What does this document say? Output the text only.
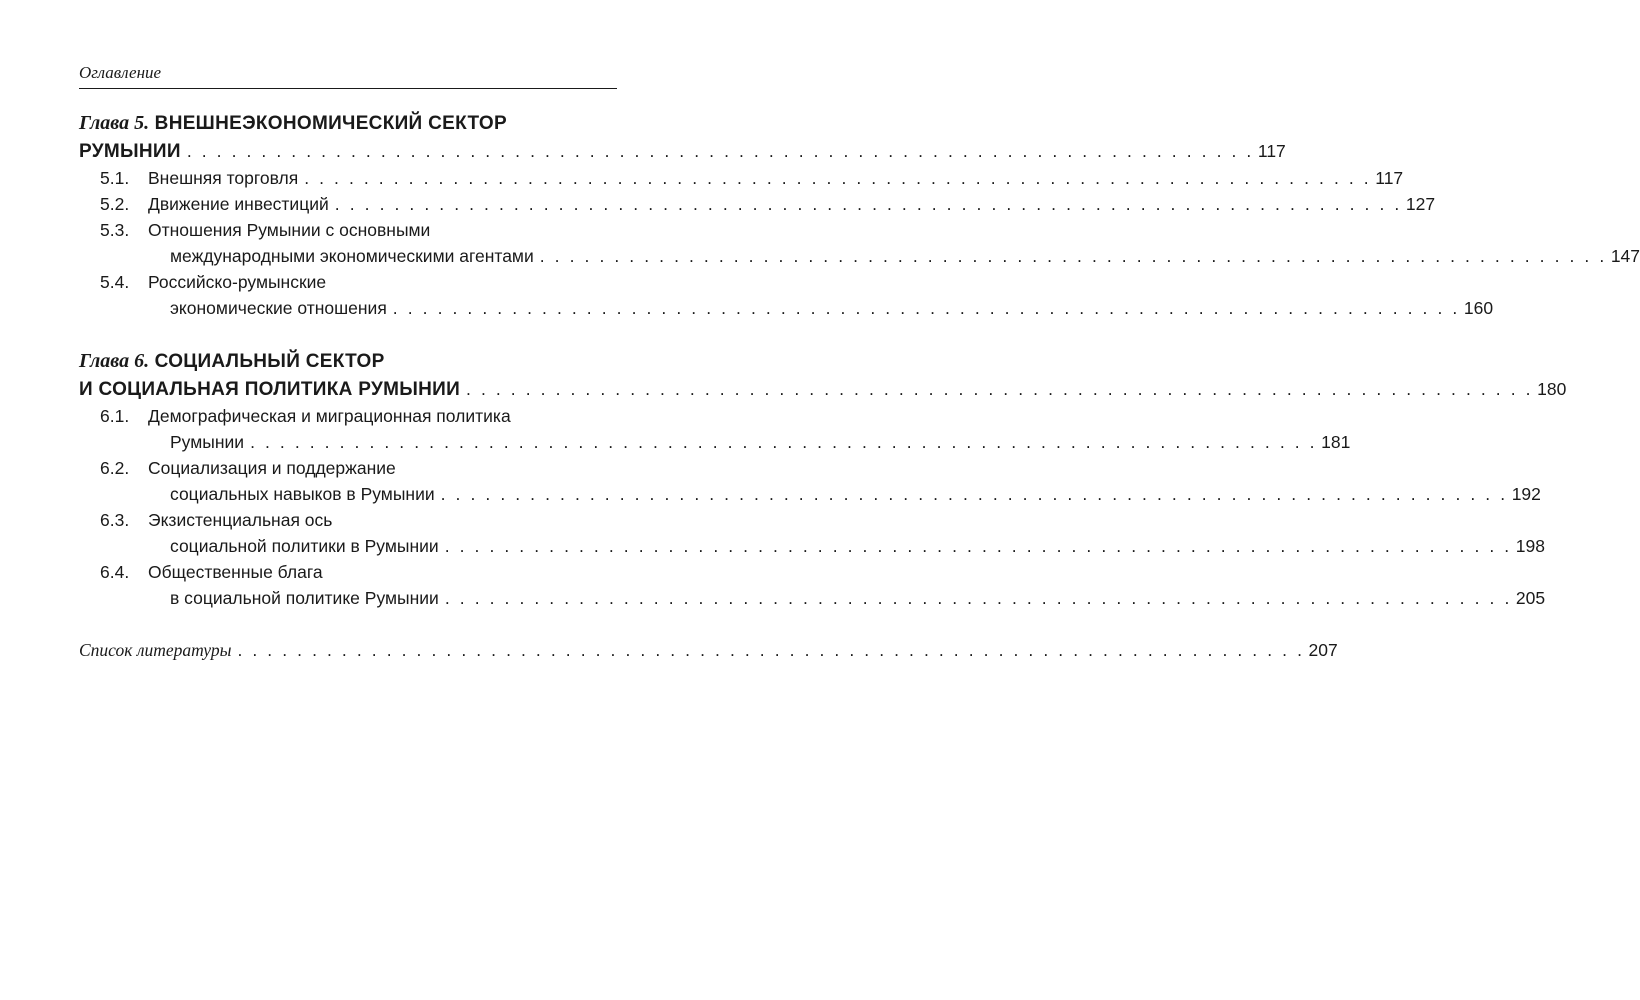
Оглавление
Глава 5. ВНЕШНЕЭКОНОМИЧЕСКИЙ СЕКТОР
РУМЫНИИ . . . . . . . . . . . . . . . . . . . . . . . . . . . . . . . . . . . . . . . . . . . . . . . . . . . . . . . . . . . . . . . . . . . . . . . . 117
5.1. Внешняя торговля . . . . . . . . . . . . . . . . . . . . . . . . . . . . . . . . . . . . . . . . . . . . . . . . . . . . . . . . . . . . . . . . . . . . . . . . 117
5.2. Движение инвестиций . . . . . . . . . . . . . . . . . . . . . . . . . . . . . . . . . . . . . . . . . . . . . . . . . . . . . . . . . . . . . . . . . . . . . . . . 127
5.3. Отношения Румынии с основными
международными экономическими агентами . . . . . . . . . . . . . . . . . . . . . . . . . . . . . . . . . . . . . . . . . . . . . . . . . . . . . . . . . . . . . . . . . . . . . . . . 147
5.4. Российско-румынские
экономические отношения . . . . . . . . . . . . . . . . . . . . . . . . . . . . . . . . . . . . . . . . . . . . . . . . . . . . . . . . . . . . . . . . . . . . . . . . 160
Глава 6. СОЦИАЛЬНЫЙ СЕКТОР
И СОЦИАЛЬНАЯ ПОЛИТИКА РУМЫНИИ . . . . . . . . . . . . . . . . . . . . . . . . . . . . . . . . . . . . . . . . . . . . . . . . . . . . . . . . . . . . . . . . . . . . . . . . 180
6.1. Демографическая и миграционная политика
Румынии . . . . . . . . . . . . . . . . . . . . . . . . . . . . . . . . . . . . . . . . . . . . . . . . . . . . . . . . . . . . . . . . . . . . . . . . 181
6.2. Социализация и поддержание
социальных навыков в Румынии . . . . . . . . . . . . . . . . . . . . . . . . . . . . . . . . . . . . . . . . . . . . . . . . . . . . . . . . . . . . . . . . . . . . . . . . 192
6.3. Экзистенциальная ось
социальной политики в Румынии . . . . . . . . . . . . . . . . . . . . . . . . . . . . . . . . . . . . . . . . . . . . . . . . . . . . . . . . . . . . . . . . . . . . . . . . 198
6.4. Общественные блага
в социальной политике Румынии . . . . . . . . . . . . . . . . . . . . . . . . . . . . . . . . . . . . . . . . . . . . . . . . . . . . . . . . . . . . . . . . . . . . . . . . 205
Список литературы . . . . . . . . . . . . . . . . . . . . . . . . . . . . . . . . . . . . . . . . . . . . . . . . . . . . . . . . . . . . . . . . . . . . . . . . 207
